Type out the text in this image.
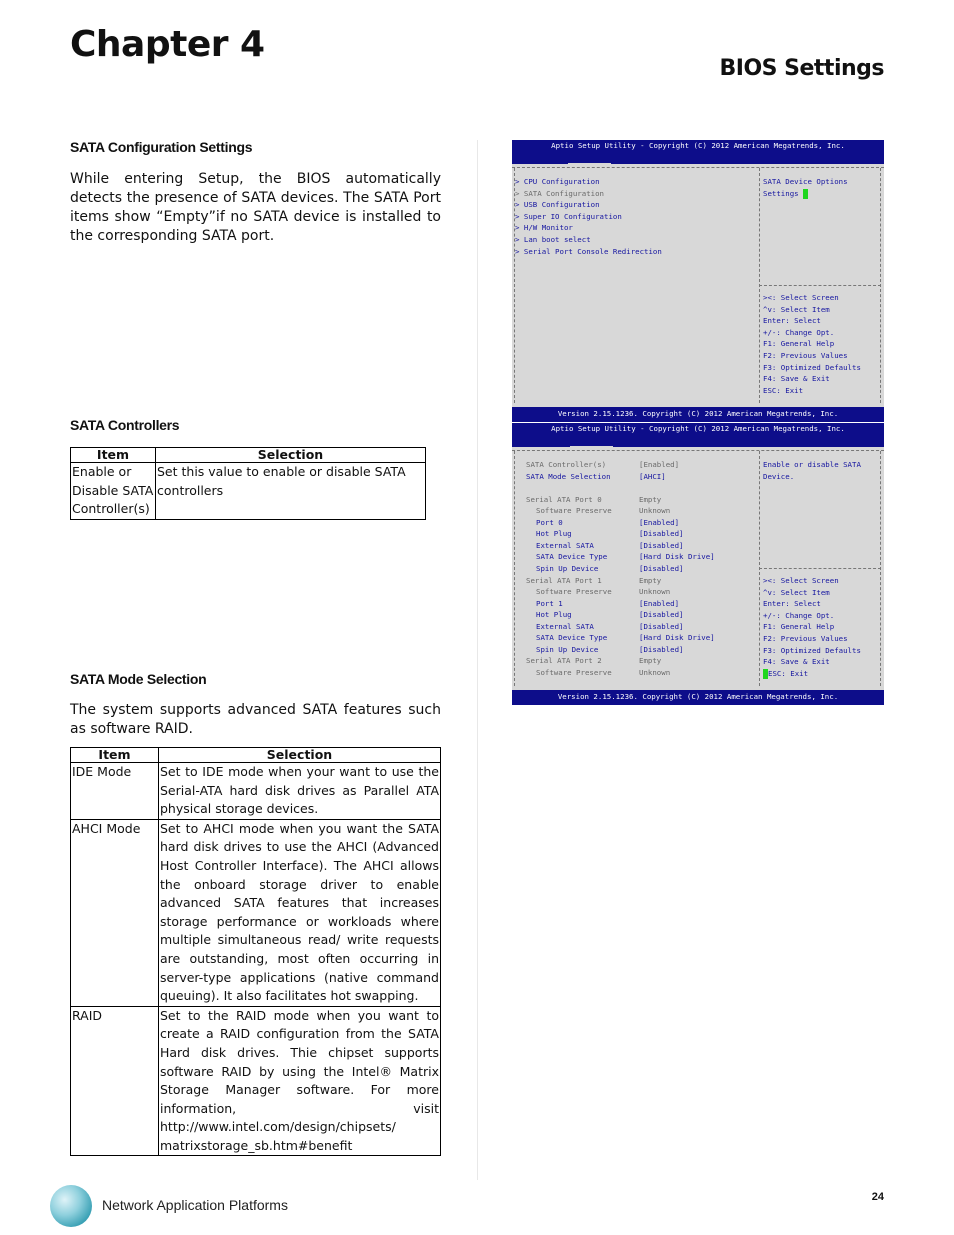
Chapter 4
BIOS Settings
SATA Configuration Settings
While entering Setup, the BIOS automatically detects the presence of SATA devices. The SATA Port items show “Empty”if no SATA device is installed to the corresponding SATA port.
SATA Controllers
Item	Selection
Enable or Disable SATA Controller(s)	Set this value to enable or disable SATA controllers
SATA Mode Selection
The system supports advanced SATA features such as software RAID.
Item	Selection
IDE Mode	Set to IDE mode when your want to use the Serial-ATA hard disk drives as Parallel ATA physical storage devices.
AHCI Mode	Set to AHCI mode when you want the SATA hard disk drives to use the AHCI (Advanced Host Controller Interface). The AHCI allows the onboard storage driver to enable advanced SATA features that increases storage performance or workloads where multiple simultaneous read/ write requests are outstanding, most often occurring in server-type applications (native command queuing). It also facilitates hot swapping.
RAID	Set to the RAID mode when you want to create a RAID configuration from the SATA Hard disk drives. Thie chipset supports software RAID by using the Intel® Matrix Storage Manager software. For more information, visit http://www.intel.com/design/chipsets/ matrixstorage_sb.htm#benefit
Aptio Setup Utility - Copyright (C) 2012 American Megatrends, Inc.

> CPU Configuration
> SATA Configuration
> USB Configuration
> Super IO Configuration
> H/W Monitor
> Lan boot select
> Serial Port Console Redirection
SATA Device Options
Settings
><: Select Screen
^v: Select Item
Enter: Select
+/-: Change Opt.
F1: General Help
F2: Previous Values
F3: Optimized Defaults
F4: Save & Exit
ESC: Exit
Version 2.15.1236. Copyright (C) 2012 American Megatrends, Inc.
Aptio Setup Utility - Copyright (C) 2012 American Megatrends, Inc.

SATA Controller(s)	[Enabled]
SATA Mode Selection	[AHCI]
Serial ATA Port 0	Empty
Software Preserve	Unknown
Port 0	[Enabled]
Hot Plug	[Disabled]
External SATA	[Disabled]
SATA Device Type	[Hard Disk Drive]
Spin Up Device	[Disabled]
Serial ATA Port 1	Empty
Software Preserve	Unknown
Port 1	[Enabled]
Hot Plug	[Disabled]
External SATA	[Disabled]
SATA Device Type	[Hard Disk Drive]
Spin Up Device	[Disabled]
Serial ATA Port 2	Empty
Software Preserve	Unknown
Enable or disable SATA
Device.
><: Select Screen
^v: Select Item
Enter: Select
+/-: Change Opt.
F1: General Help
F2: Previous Values
F3: Optimized Defaults
F4: Save & Exit
ESC: Exit
Version 2.15.1236. Copyright (C) 2012 American Megatrends, Inc.
Network Application Platforms	24
